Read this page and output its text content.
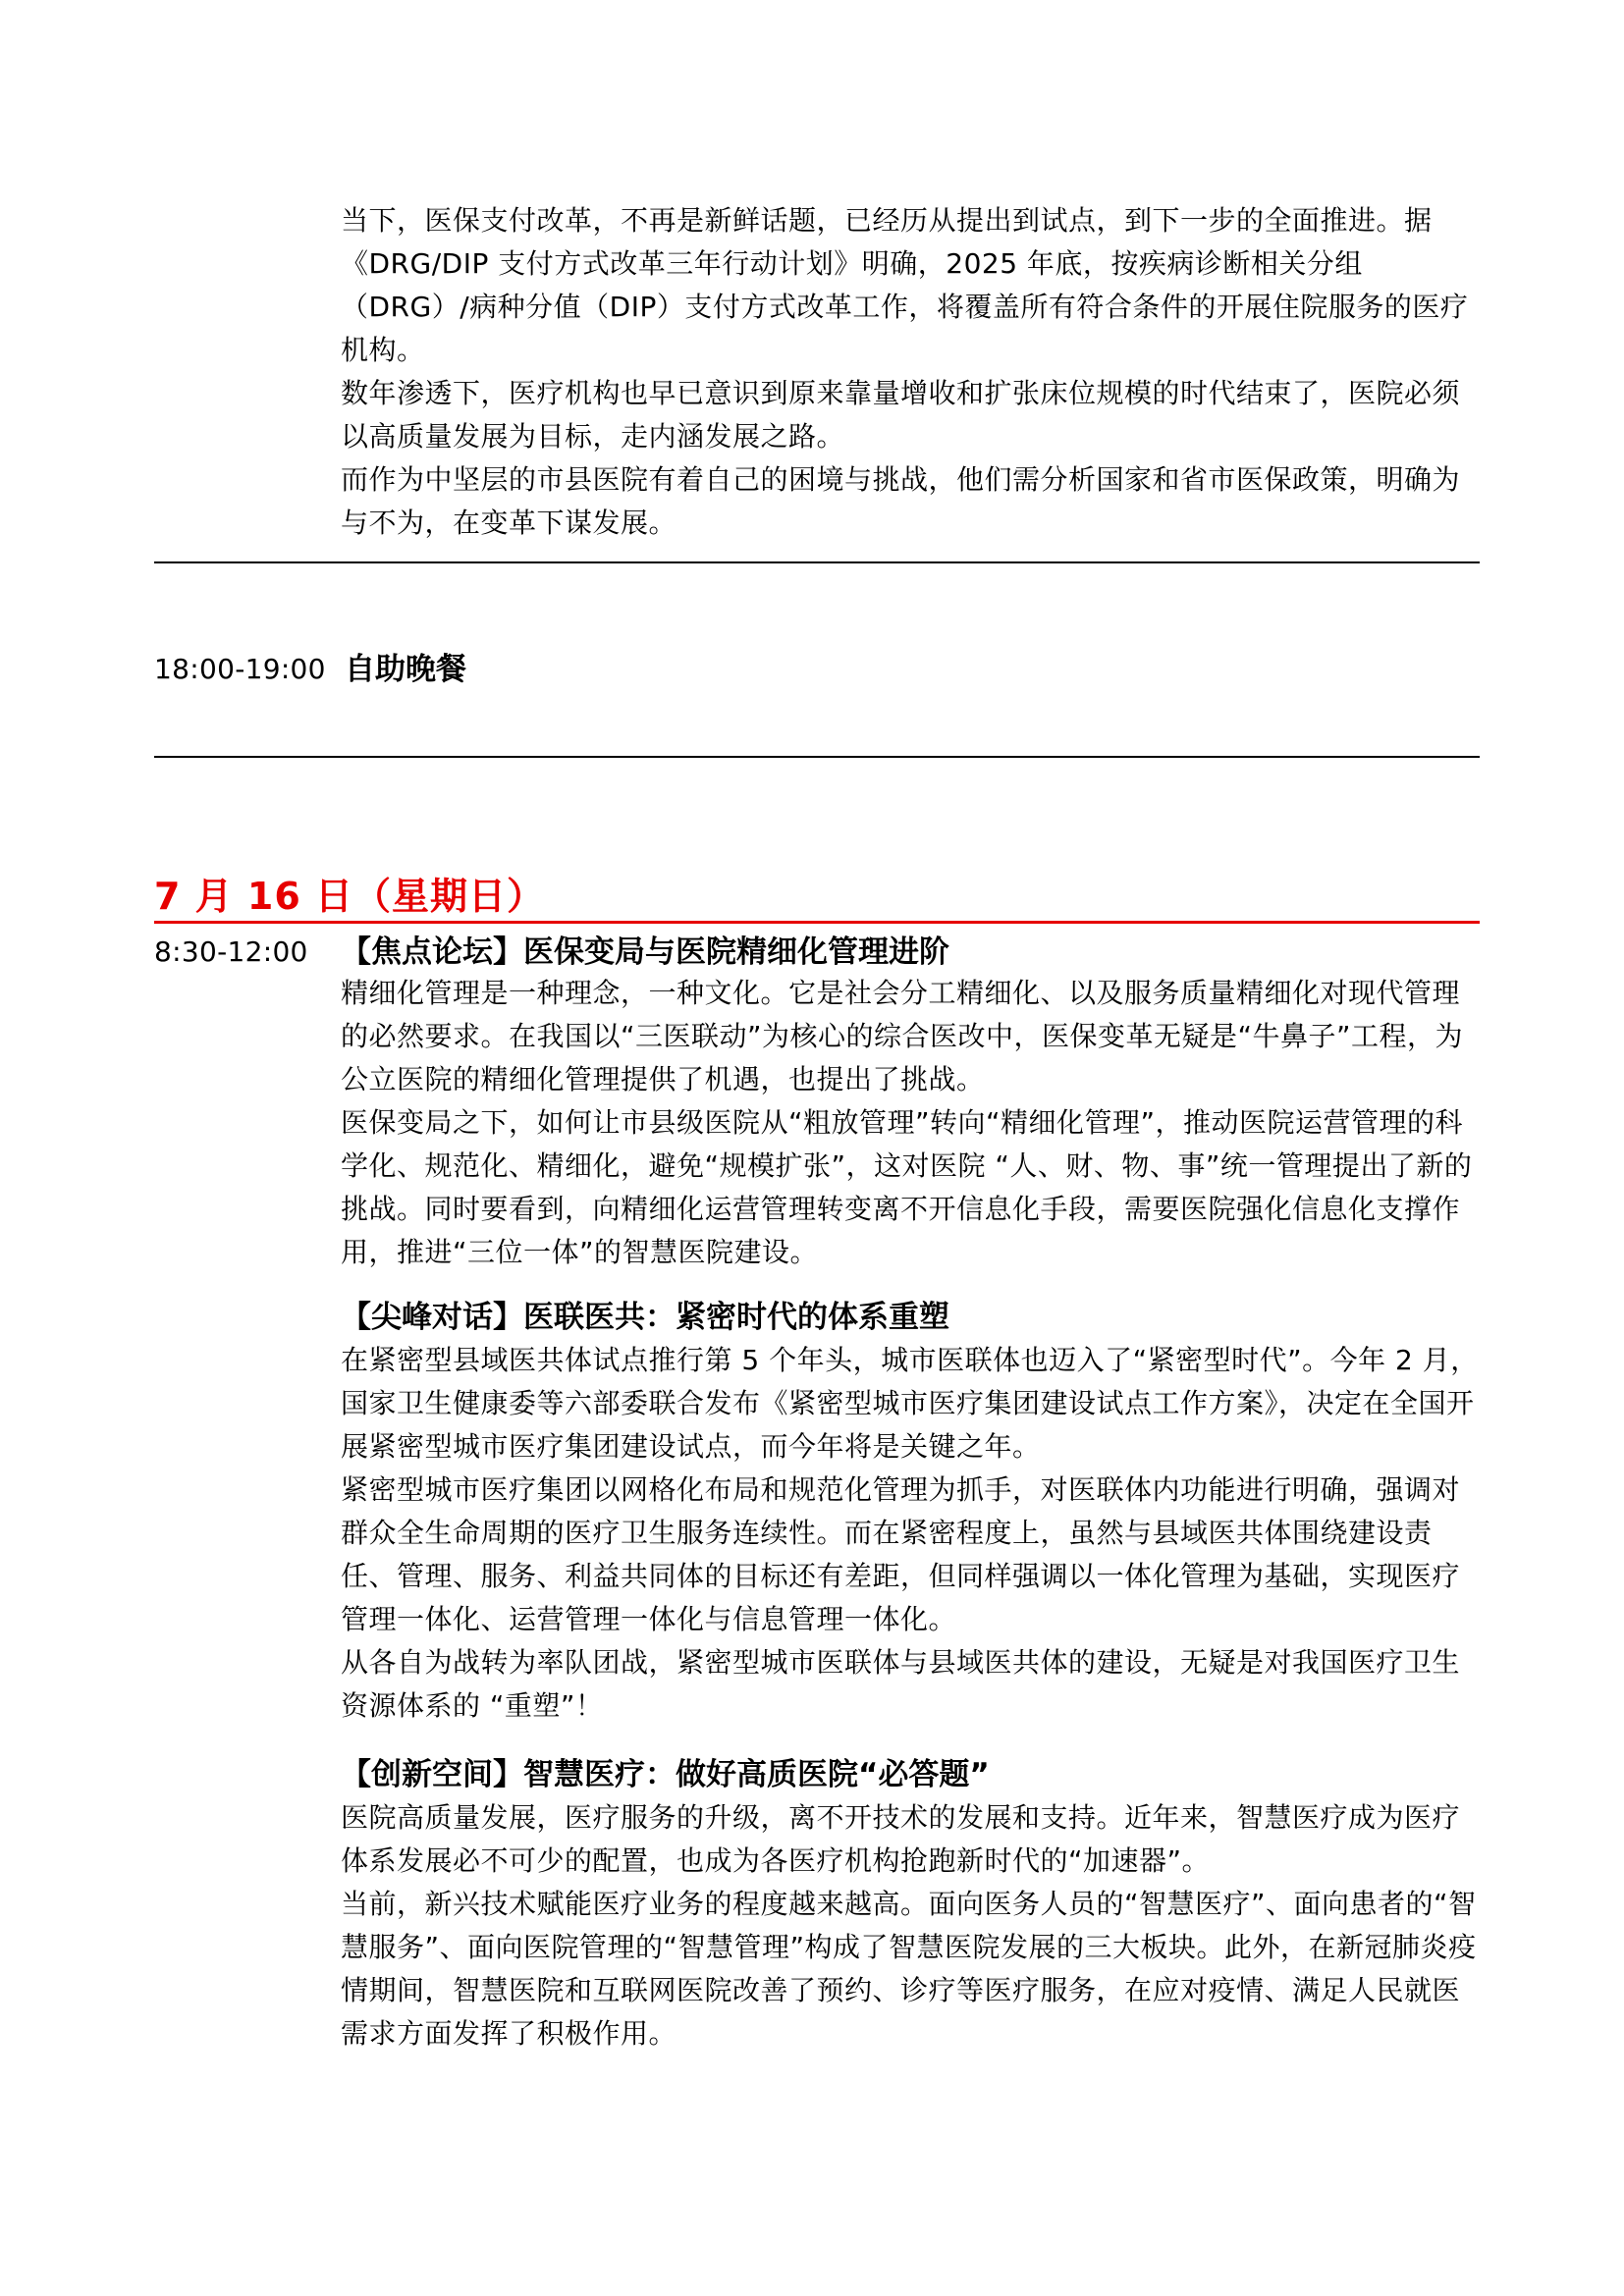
当下，医保支付改革，不再是新鲜话题，已经历从提出到试点，到下一步的全面推进。据《DRG/DIP 支付方式改革三年行动计划》明确，2025 年底，按疾病诊断相关分组（DRG）/病种分值（DIP）支付方式改革工作，将覆盖所有符合条件的开展住院服务的医疗机构。

数年渗透下，医疗机构也早已意识到原来靠量增收和扩张床位规模的时代结束了，医院必须以高质量发展为目标，走内涵发展之路。

而作为中坚层的市县医院有着自己的困境与挑战，他们需分析国家和省市医保政策，明确为与不为，在变革下谋发展。

18:00-19:00 自助晚餐
7 月 16 日（星期日）
8:30-12:00 【焦点论坛】医保变局与医院精细化管理进阶

精细化管理是一种理念，一种文化。它是社会分工精细化、以及服务质量精细化对现代管理的必然要求。在我国以“三医联动”为核心的综合医改中，医保变革无疑是“牛鼻子”工程，为公立医院的精细化管理提供了机遇，也提出了挑战。

医保变局之下，如何让市县级医院从“粗放管理”转向“精细化管理”，推动医院运营管理的科学化、规范化、精细化，避免“规模扩张”，这对医院 “人、财、物、事”统一管理提出了新的挑战。同时要看到，向精细化运营管理转变离不开信息化手段，需要医院强化信息化支撑作用，推进“三位一体”的智慧医院建设。

【尖峰对话】医联医共：紧密时代的体系重塑

在紧密型县域医共体试点推行第 5 个年头，城市医联体也迈入了“紧密型时代”。今年 2 月，国家卫生健康委等六部委联合发布《紧密型城市医疗集团建设试点工作方案》，决定在全国开展紧密型城市医疗集团建设试点，而今年将是关键之年。

紧密型城市医疗集团以网格化布局和规范化管理为抓手，对医联体内功能进行明确，强调对群众全生命周期的医疗卫生服务连续性。而在紧密程度上，虽然与县域医共体围绕建设责任、管理、服务、利益共同体的目标还有差距，但同样强调以一体化管理为基础，实现医疗管理一体化、运营管理一体化与信息管理一体化。

从各自为战转为率队团战，紧密型城市医联体与县域医共体的建设，无疑是对我国医疗卫生资源体系的 “重塑”！

【创新空间】智慧医疗：做好高质医院“必答题”

医院高质量发展，医疗服务的升级，离不开技术的发展和支持。近年来，智慧医疗成为医疗体系发展必不可少的配置，也成为各医疗机构抢跑新时代的“加速器”。

当前，新兴技术赋能医疗业务的程度越来越高。面向医务人员的“智慧医疗”、面向患者的“智慧服务”、面向医院管理的“智慧管理”构成了智慧医院发展的三大板块。此外，在新冠肺炎疫情期间，智慧医院和互联网医院改善了预约、诊疗等医疗服务，在应对疫情、满足人民就医需求方面发挥了积极作用。
